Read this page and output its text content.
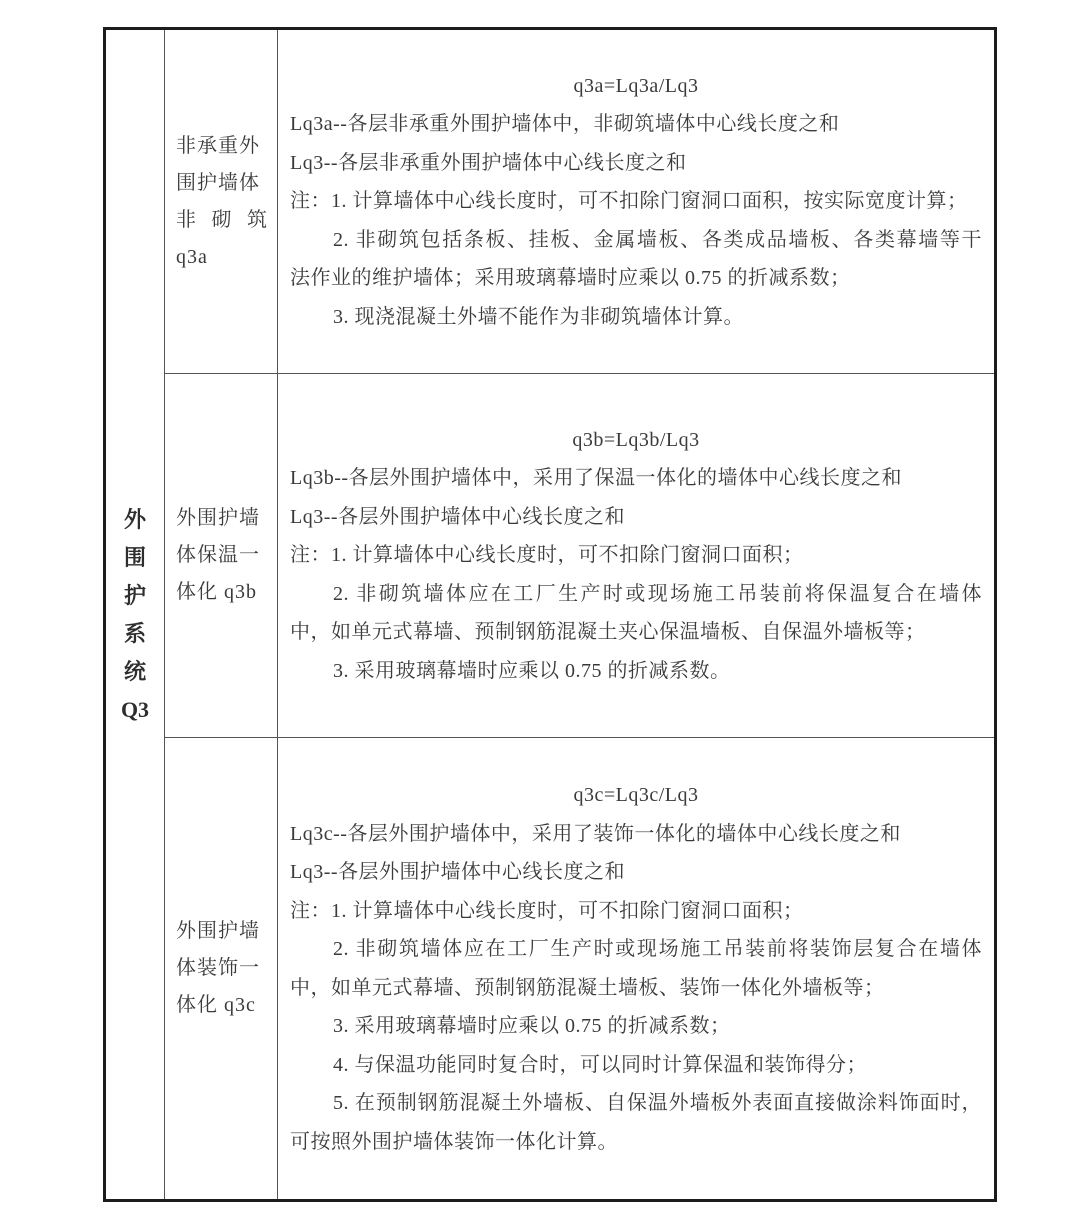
外
围
护
系
统
Q3
非承重外
围护墙体
非砌筑
q3a
q3a=Lq3a/Lq3
Lq3a--各层非承重外围护墙体中，非砌筑墙体中心线长度之和
Lq3--各层非承重外围护墙体中心线长度之和
注：1. 计算墙体中心线长度时，可不扣除门窗洞口面积，按实际宽度计算；
2. 非砌筑包括条板、挂板、金属墙板、各类成品墙板、各类幕墙等干
法作业的维护墙体；采用玻璃幕墙时应乘以 0.75 的折减系数；
3. 现浇混凝土外墙不能作为非砌筑墙体计算。
外围护墙
体保温一
体化 q3b
q3b=Lq3b/Lq3
Lq3b--各层外围护墙体中，采用了保温一体化的墙体中心线长度之和
Lq3--各层外围护墙体中心线长度之和
注：1. 计算墙体中心线长度时，可不扣除门窗洞口面积；
2. 非砌筑墙体应在工厂生产时或现场施工吊装前将保温复合在墙体
中，如单元式幕墙、预制钢筋混凝土夹心保温墙板、自保温外墙板等；
3. 采用玻璃幕墙时应乘以 0.75 的折减系数。
外围护墙
体装饰一
体化 q3c
q3c=Lq3c/Lq3
Lq3c--各层外围护墙体中，采用了装饰一体化的墙体中心线长度之和
Lq3--各层外围护墙体中心线长度之和
注：1. 计算墙体中心线长度时，可不扣除门窗洞口面积；
2. 非砌筑墙体应在工厂生产时或现场施工吊装前将装饰层复合在墙体
中，如单元式幕墙、预制钢筋混凝土墙板、装饰一体化外墙板等；
3. 采用玻璃幕墙时应乘以 0.75 的折减系数；
4. 与保温功能同时复合时，可以同时计算保温和装饰得分；
5. 在预制钢筋混凝土外墙板、自保温外墙板外表面直接做涂料饰面时，
可按照外围护墙体装饰一体化计算。
